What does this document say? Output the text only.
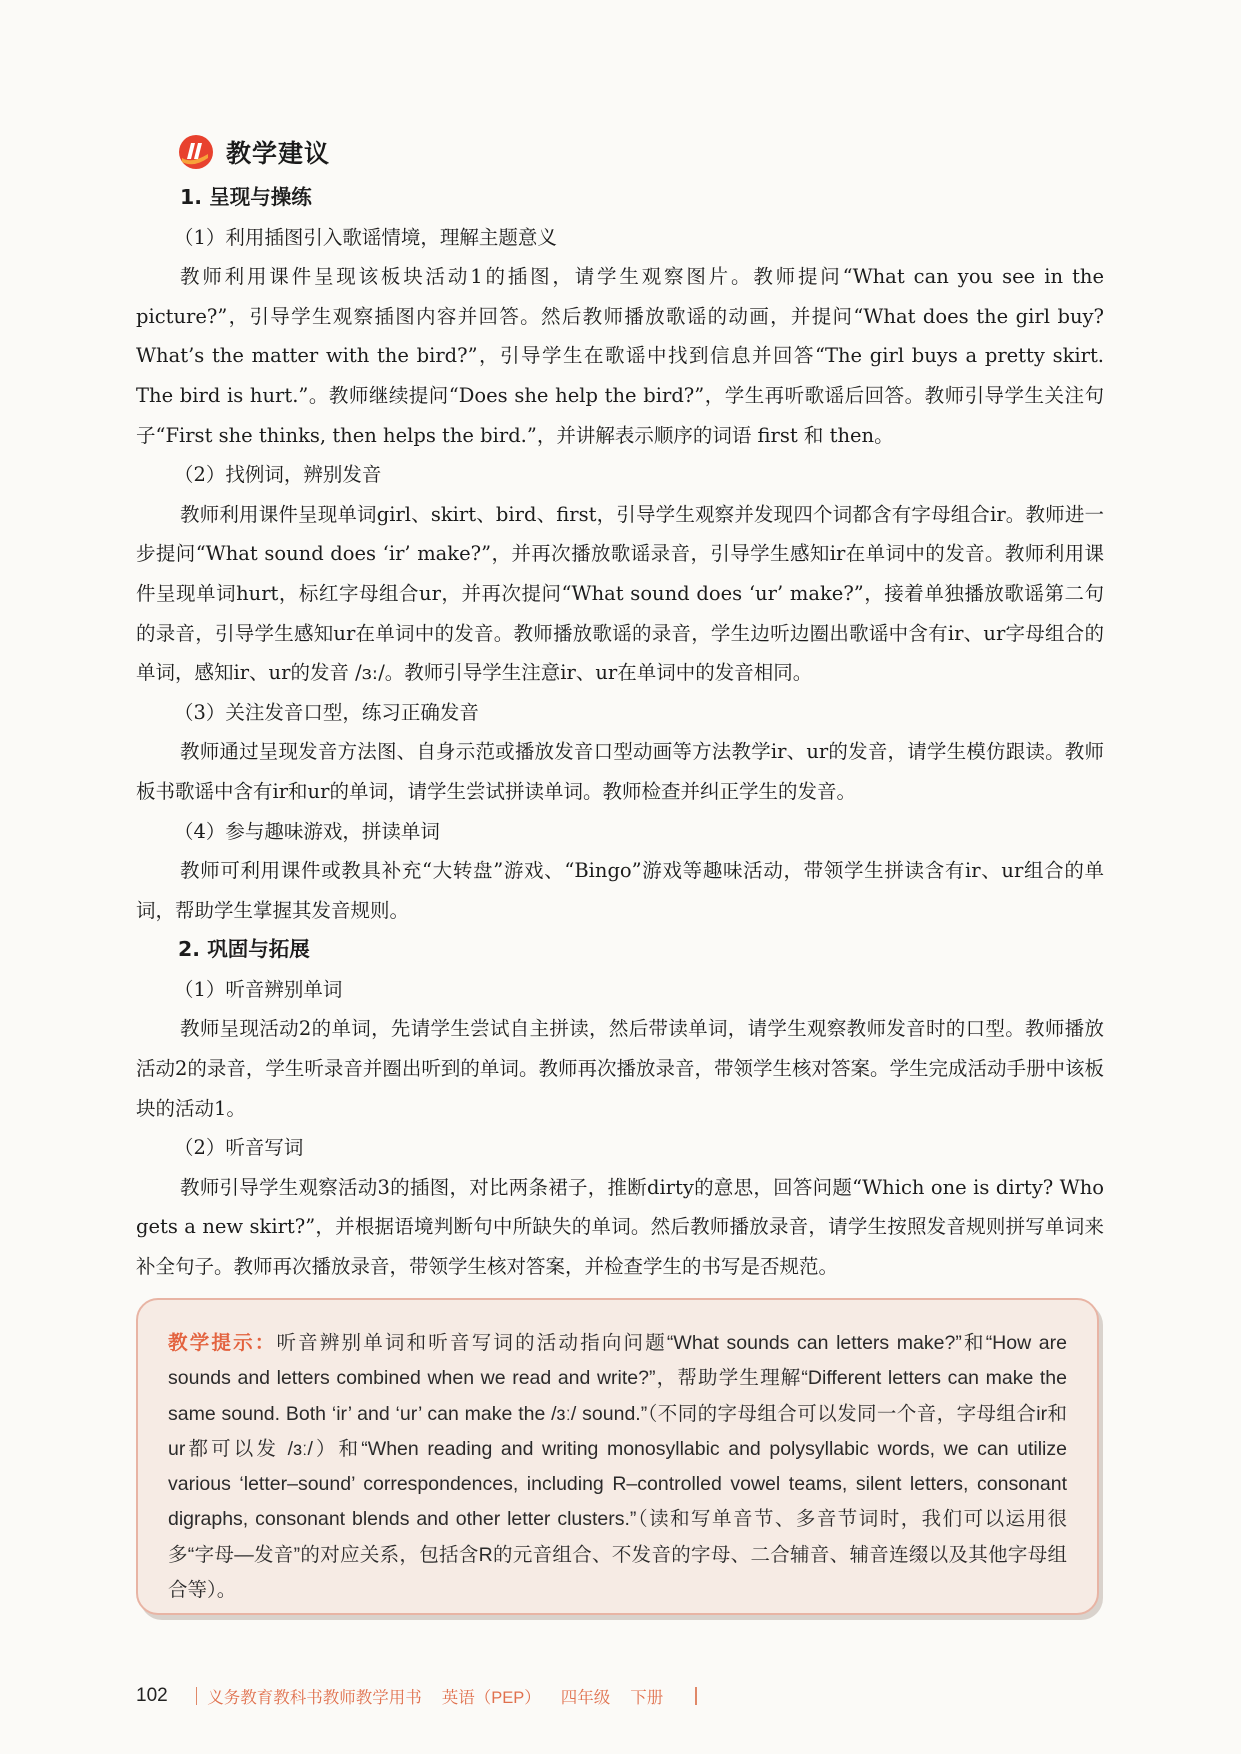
教学建议
1. 呈现与操练
（1）利用插图引入歌谣情境，理解主题意义

教师利用课件呈现该板块活动1的插图，请学生观察图片。教师提问“What can you see in the picture?”，引导学生观察插图内容并回答。然后教师播放歌谣的动画，并提问“What does the girl buy? What’s the matter with the bird?”，引导学生在歌谣中找到信息并回答“The girl buys a pretty skirt. The bird is hurt.”。教师继续提问“Does she help the bird?”，学生再听歌谣后回答。教师引导学生关注句子“First she thinks, then helps the bird.”，并讲解表示顺序的词语 first 和 then。

（2）找例词，辨别发音

教师利用课件呈现单词girl、skirt、bird、first，引导学生观察并发现四个词都含有字母组合ir。教师进一步提问“What sound does ‘ir’ make?”，并再次播放歌谣录音，引导学生感知ir在单词中的发音。教师利用课件呈现单词hurt，标红字母组合ur，并再次提问“What sound does ‘ur’ make?”，接着单独播放歌谣第二句的录音，引导学生感知ur在单词中的发音。教师播放歌谣的录音，学生边听边圈出歌谣中含有ir、ur字母组合的单词，感知ir、ur的发音 /ɜː/。教师引导学生注意ir、ur在单词中的发音相同。

（3）关注发音口型，练习正确发音

教师通过呈现发音方法图、自身示范或播放发音口型动画等方法教学ir、ur的发音，请学生模仿跟读。教师板书歌谣中含有ir和ur的单词，请学生尝试拼读单词。教师检查并纠正学生的发音。

（4）参与趣味游戏，拼读单词

教师可利用课件或教具补充“大转盘”游戏、“Bingo”游戏等趣味活动，带领学生拼读含有ir、ur组合的单词，帮助学生掌握其发音规则。

2. 巩固与拓展
（1）听音辨别单词

教师呈现活动2的单词，先请学生尝试自主拼读，然后带读单词，请学生观察教师发音时的口型。教师播放活动2的录音，学生听录音并圈出听到的单词。教师再次播放录音，带领学生核对答案。学生完成活动手册中该板块的活动1。

（2）听音写词

教师引导学生观察活动3的插图，对比两条裙子，推断dirty的意思，回答问题“Which one is dirty? Who gets a new skirt?”，并根据语境判断句中所缺失的单词。然后教师播放录音，请学生按照发音规则拼写单词来补全句子。教师再次播放录音，带领学生核对答案，并检查学生的书写是否规范。

教学提示：听音辨别单词和听音写词的活动指向问题“What sounds can letters make?”和“How are sounds and letters combined when we read and write?”，帮助学生理解“Different letters can make the same sound. Both ‘ir’ and ‘ur’ can make the /ɜː/ sound.”（不同的字母组合可以发同一个音，字母组合ir和ur都可以发 /ɜː/）和“When reading and writing monosyllabic and polysyllabic words, we can utilize various ‘letter–sound’ correspondences, including R–controlled vowel teams, silent letters, consonant digraphs, consonant blends and other letter clusters.”（读和写单音节、多音节词时，我们可以运用很多“字母—发音”的对应关系，包括含R的元音组合、不发音的字母、二合辅音、辅音连缀以及其他字母组合等）。

102 义务教育教科书教师教学用书 英语（PEP） 四年级 下册
